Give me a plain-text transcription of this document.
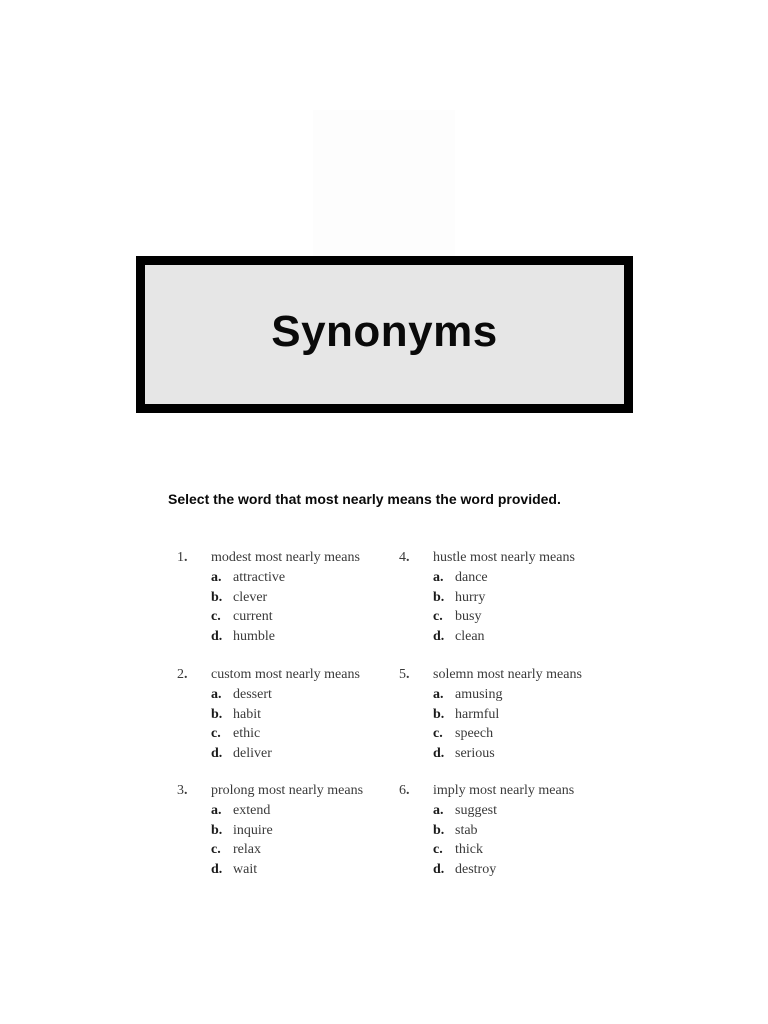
Synonyms
Select the word that most nearly means the word provided.
1. modest most nearly means
a. attractive
b. clever
c. current
d. humble
2. custom most nearly means
a. dessert
b. habit
c. ethic
d. deliver
3. prolong most nearly means
a. extend
b. inquire
c. relax
d. wait
4. hustle most nearly means
a. dance
b. hurry
c. busy
d. clean
5. solemn most nearly means
a. amusing
b. harmful
c. speech
d. serious
6. imply most nearly means
a. suggest
b. stab
c. thick
d. destroy
